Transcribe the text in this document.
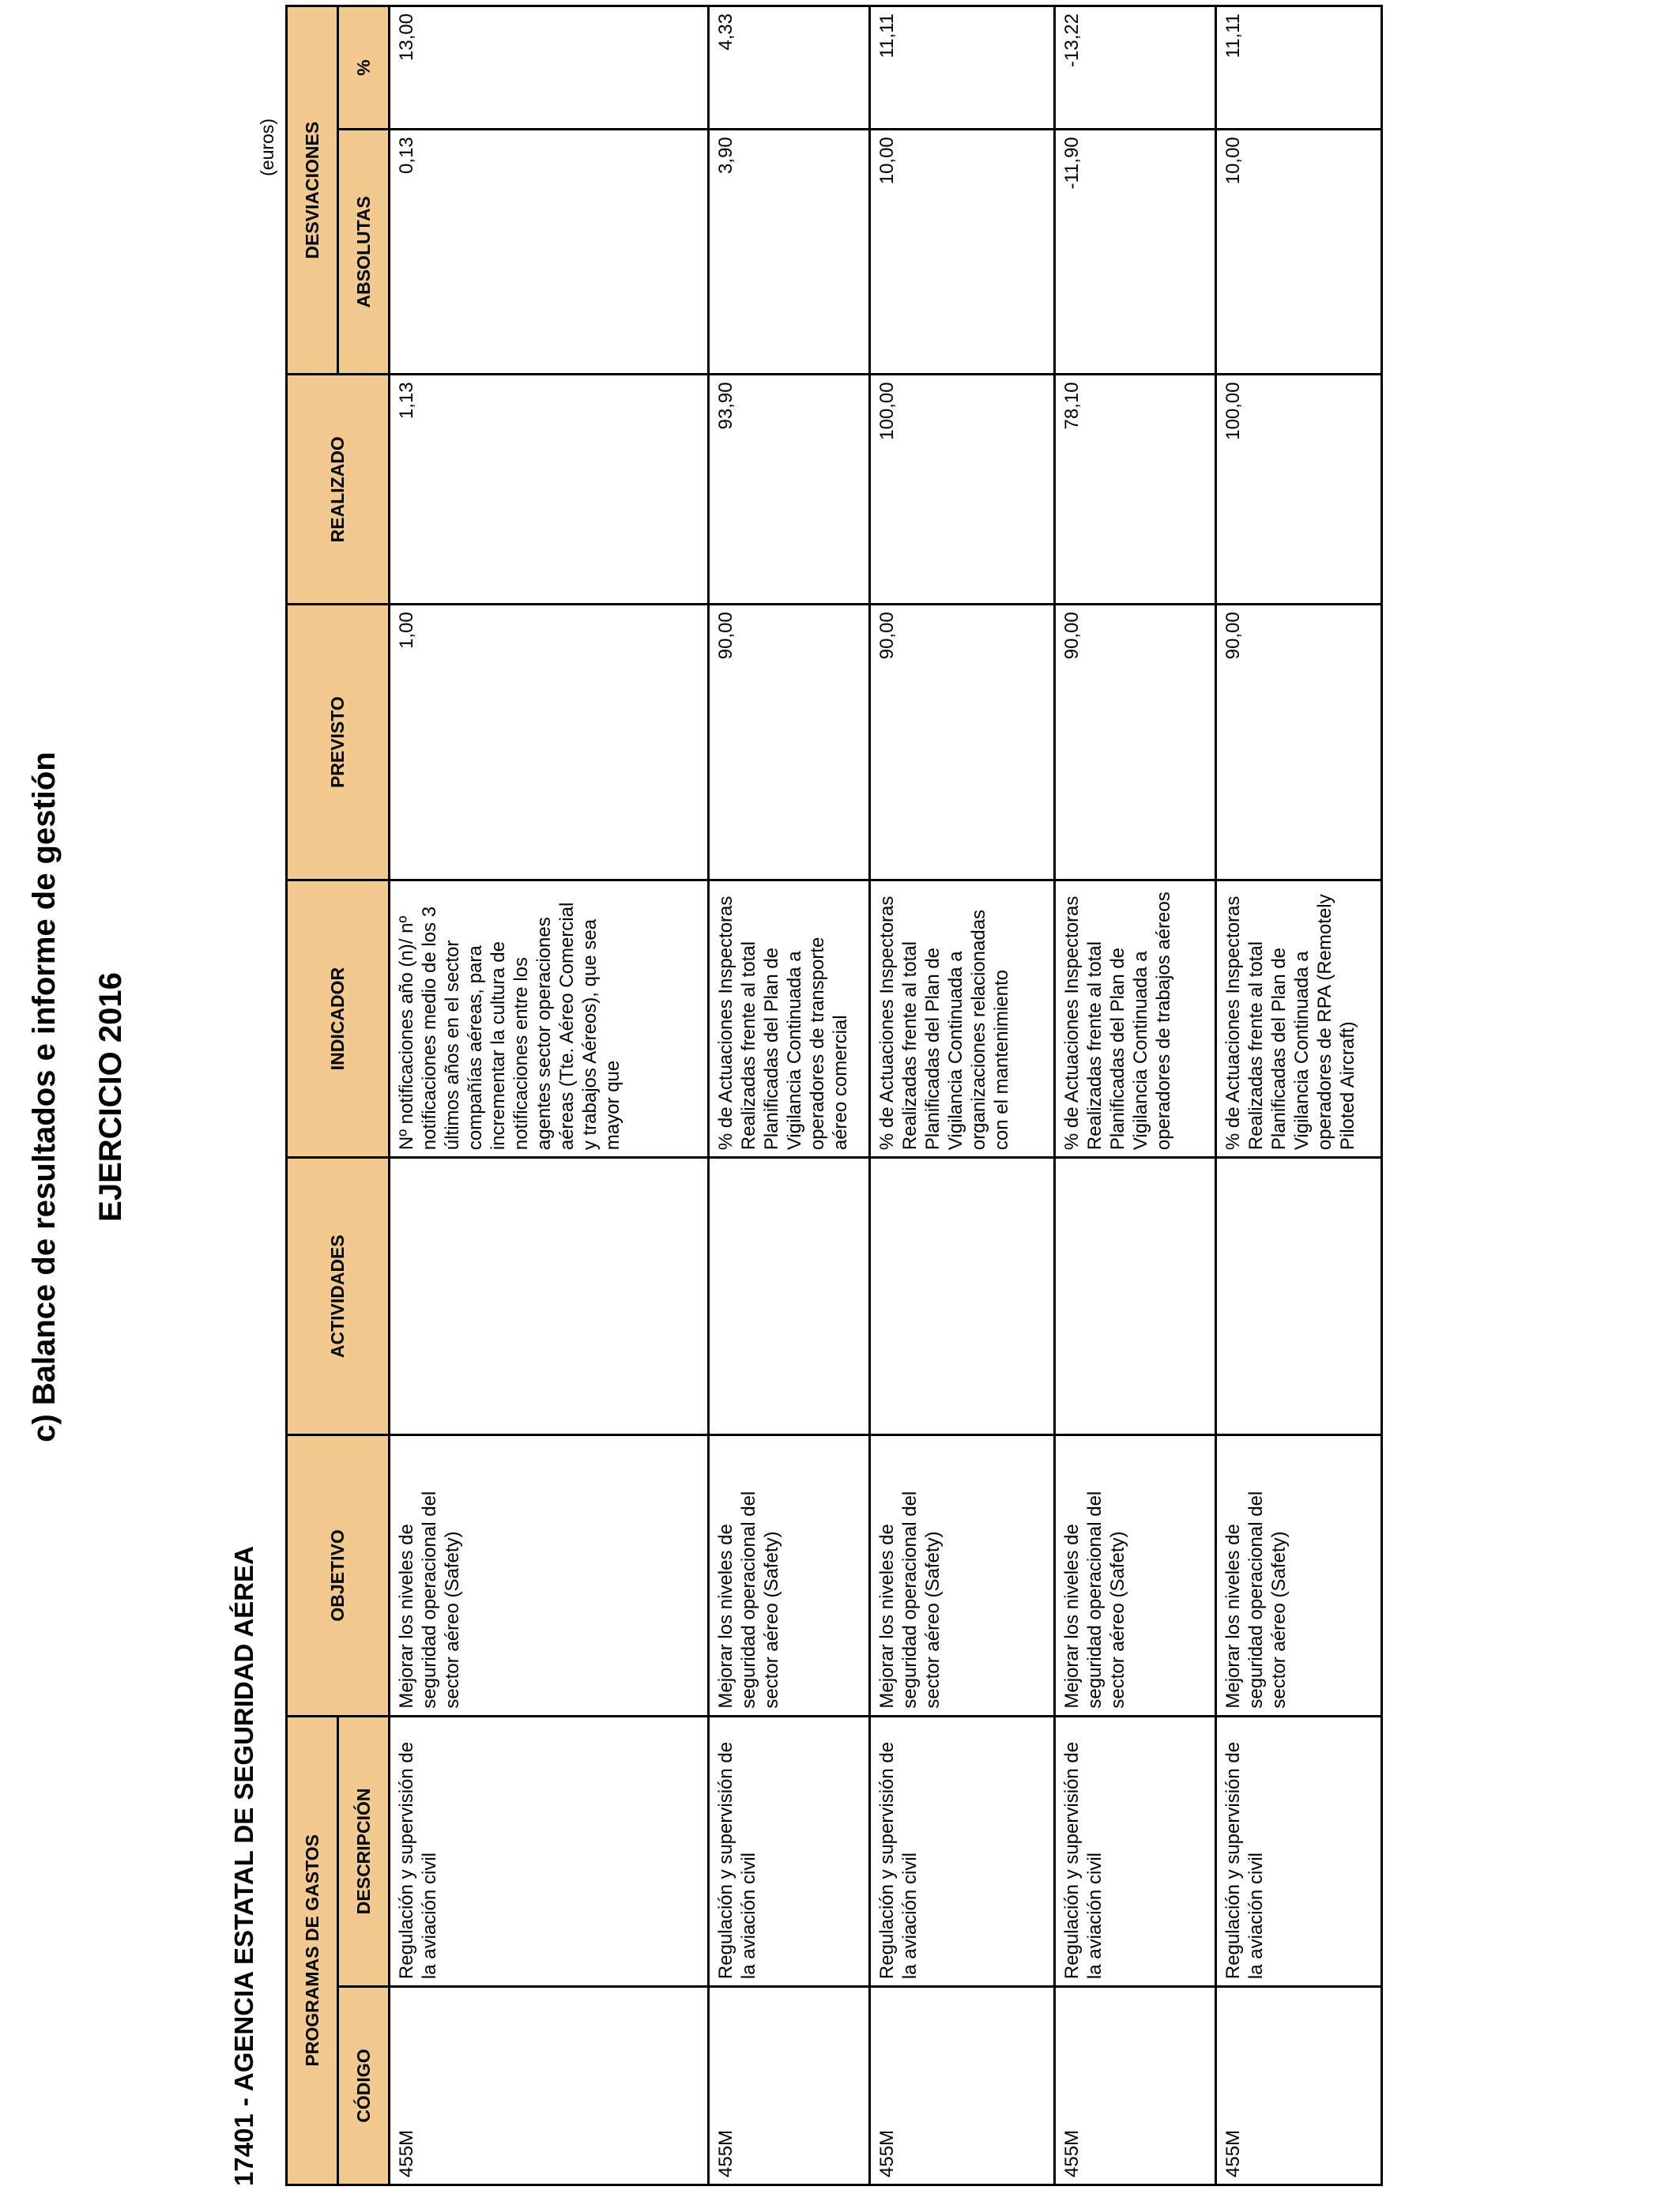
c) Balance de resultados e informe de gestión EJERCICIO 2016
17401 - AGENCIA ESTATAL DE SEGURIDAD AÉREA
(euros)
PROGRAMAS DE GASTOS		OBJETIVO	ACTIVIDADES	INDICADOR	PREVISTO	REALIZADO	DESVIACIONES	
CÓDIGO	DESCRIPCIÓN						ABSOLUTAS	%
455M	Regulación y supervisión de la aviación civil	Mejorar los niveles de seguridad operacional del sector aéreo (Safety)		Nº notificaciones año (n)/ nº notificaciones medio de los 3 últimos años en el sector compañías aéreas, para incrementar la cultura de notificaciones entre los agentes sector operaciones aéreas (Tte. Aéreo Comercial y trabajos Aéreos), que sea mayor que	1,00	1,13	0,13	13,00
455M	Regulación y supervisión de la aviación civil	Mejorar los niveles de seguridad operacional del sector aéreo (Safety)		% de Actuaciones Inspectoras Realizadas frente al total Planificadas del Plan de Vigilancia Continuada a operadores de transporte aéreo comercial	90,00	93,90	3,90	4,33
455M	Regulación y supervisión de la aviación civil	Mejorar los niveles de seguridad operacional del sector aéreo (Safety)		% de Actuaciones Inspectoras Realizadas frente al total Planificadas del Plan de Vigilancia Continuada a organizaciones relacionadas con el mantenimiento	90,00	100,00	10,00	11,11
455M	Regulación y supervisión de la aviación civil	Mejorar los niveles de seguridad operacional del sector aéreo (Safety)		% de Actuaciones Inspectoras Realizadas frente al total Planificadas del Plan de Vigilancia Continuada a operadores de trabajos aéreos	90,00	78,10	-11,90	-13,22
455M	Regulación y supervisión de la aviación civil	Mejorar los niveles de seguridad operacional del sector aéreo (Safety)		% de Actuaciones Inspectoras Realizadas frente al total Planificadas del Plan de Vigilancia Continuada a operadores de RPA (Remotely Piloted Aircraft)	90,00	100,00	10,00	11,11
